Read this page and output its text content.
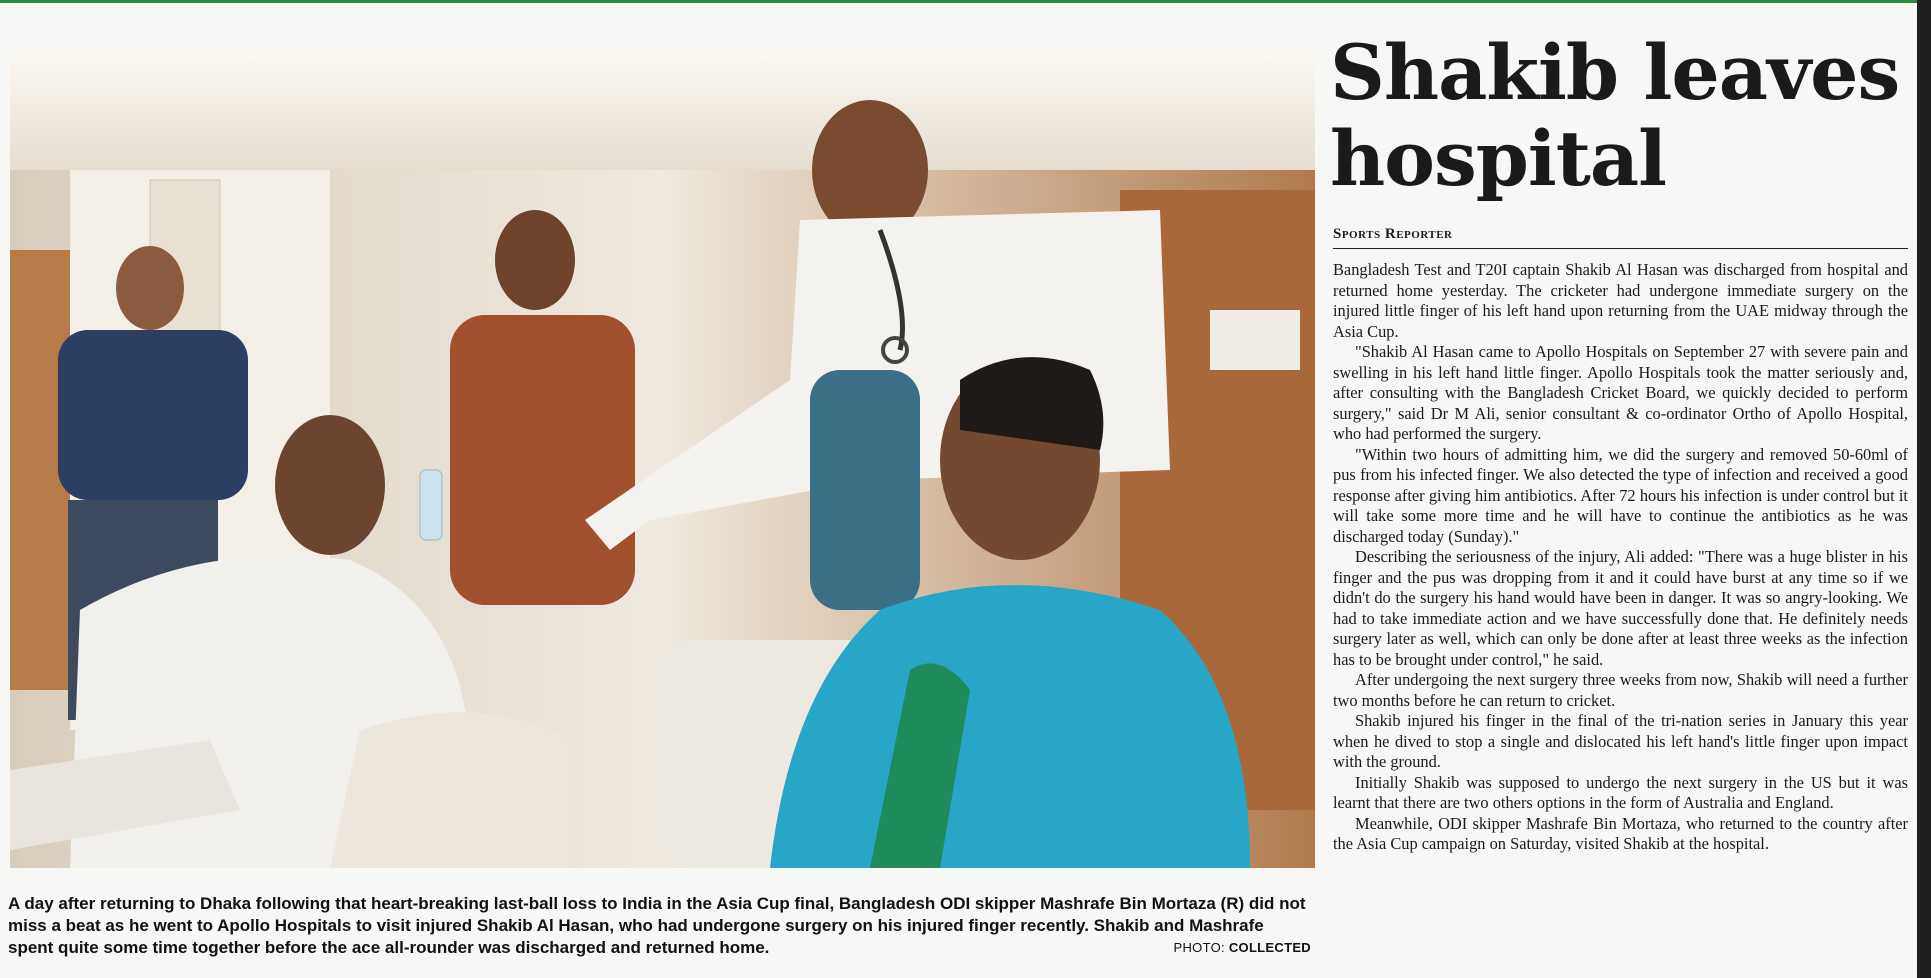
A day after returning to Dhaka following that heart-breaking last-ball loss to India in the Asia Cup final, Bangladesh ODI skipper Mashrafe Bin Mortaza (R) did not miss a beat as he went to Apollo Hospitals to visit injured Shakib Al Hasan, who had undergone surgery on his injured finger recently. Shakib and Mashrafe spent quite some time together before the ace all-rounder was discharged and returned home.	PHOTO: COLLECTED
Shakib leaves hospital
Sports Reporter

Bangladesh Test and T20I captain Shakib Al Hasan was discharged from hospital and returned home yesterday. The cricketer had undergone immediate surgery on the injured little finger of his left hand upon returning from the UAE midway through the Asia Cup.

"Shakib Al Hasan came to Apollo Hospitals on September 27 with severe pain and swelling in his left hand little finger. Apollo Hospitals took the matter seriously and, after consulting with the Bangladesh Cricket Board, we quickly decided to perform surgery," said Dr M Ali, senior consultant & co-ordinator Ortho of Apollo Hospital, who had performed the surgery.

"Within two hours of admitting him, we did the surgery and removed 50-60ml of pus from his infected finger. We also detected the type of infection and received a good response after giving him antibiotics. After 72 hours his infection is under control but it will take some more time and he will have to continue the antibiotics as he was discharged today (Sunday)."

Describing the seriousness of the injury, Ali added: "There was a huge blister in his finger and the pus was dropping from it and it could have burst at any time so if we didn't do the surgery his hand would have been in danger. It was so angry-looking. We had to take immediate action and we have successfully done that. He definitely needs surgery later as well, which can only be done after at least three weeks as the infection has to be brought under control," he said.

After undergoing the next surgery three weeks from now, Shakib will need a further two months before he can return to cricket.

Shakib injured his finger in the final of the tri-nation series in January this year when he dived to stop a single and dislocated his left hand's little finger upon impact with the ground.

Initially Shakib was supposed to undergo the next surgery in the US but it was learnt that there are two others options in the form of Australia and England.

Meanwhile, ODI skipper Mashrafe Bin Mortaza, who returned to the country after the Asia Cup campaign on Saturday, visited Shakib at the hospital.
